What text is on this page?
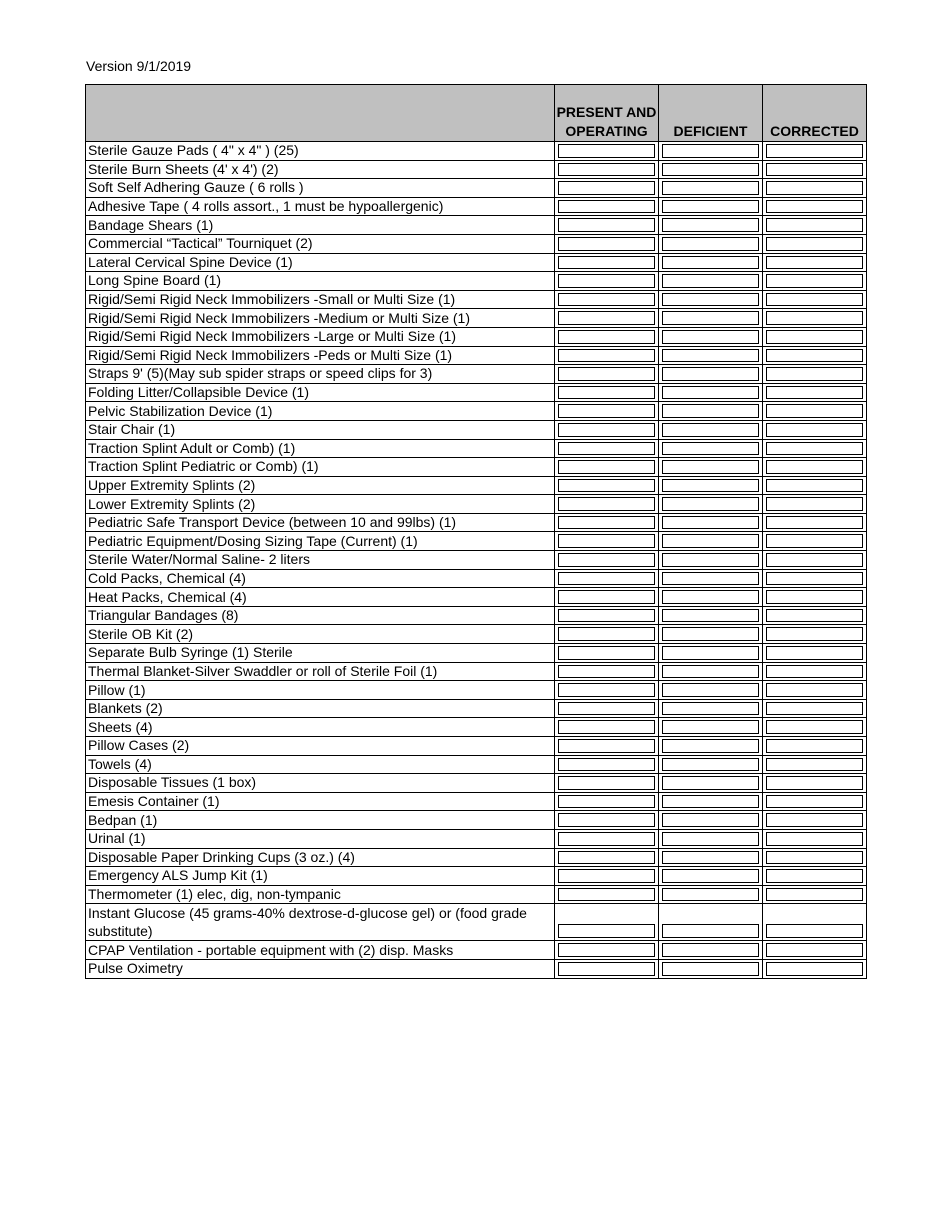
Version 9/1/2019
	PRESENT AND OPERATING	DEFICIENT	CORRECTED
Sterile Gauze Pads ( 4" x 4" ) (25)	

Sterile Burn Sheets (4' x 4') (2)	

Soft Self Adhering Gauze ( 6 rolls )	

Adhesive Tape ( 4 rolls assort., 1 must be hypoallergenic)	

Bandage Shears (1)	

Commercial “Tactical” Tourniquet (2)	

Lateral Cervical Spine Device (1)	

Long Spine Board (1)	

Rigid/Semi Rigid Neck Immobilizers -Small or Multi Size (1)	

Rigid/Semi Rigid Neck Immobilizers -Medium or Multi Size (1)	

Rigid/Semi Rigid Neck Immobilizers -Large or Multi Size (1)	

Rigid/Semi Rigid Neck Immobilizers -Peds or Multi Size (1)	

Straps 9' (5)(May sub spider straps or speed clips for 3)	

Folding Litter/Collapsible Device (1)	

Pelvic Stabilization Device (1)	

Stair Chair (1)	

Traction Splint Adult or Comb) (1)	

Traction Splint Pediatric or Comb) (1)	

Upper Extremity Splints (2)	

Lower Extremity Splints (2)	

Pediatric Safe Transport Device (between 10 and 99lbs) (1)	

Pediatric Equipment/Dosing Sizing Tape (Current) (1)	

Sterile Water/Normal Saline- 2 liters	

Cold Packs, Chemical (4)	

Heat Packs, Chemical (4)	

Triangular Bandages (8)	

Sterile OB Kit (2)	

Separate Bulb Syringe (1) Sterile	

Thermal Blanket-Silver Swaddler or roll of Sterile Foil (1)	

Pillow (1)	

Blankets (2)	

Sheets (4)	

Pillow Cases (2)	

Towels (4)	

Disposable Tissues (1 box)	

Emesis Container (1)	

Bedpan (1)	

Urinal (1)	

Disposable Paper Drinking Cups (3 oz.) (4)	

Emergency ALS Jump Kit (1)	

Thermometer (1) elec, dig, non-tympanic	

Instant Glucose (45 grams-40% dextrose-d-glucose gel) or (food grade substitute)	

CPAP Ventilation - portable equipment with (2) disp. Masks	

Pulse Oximetry	
